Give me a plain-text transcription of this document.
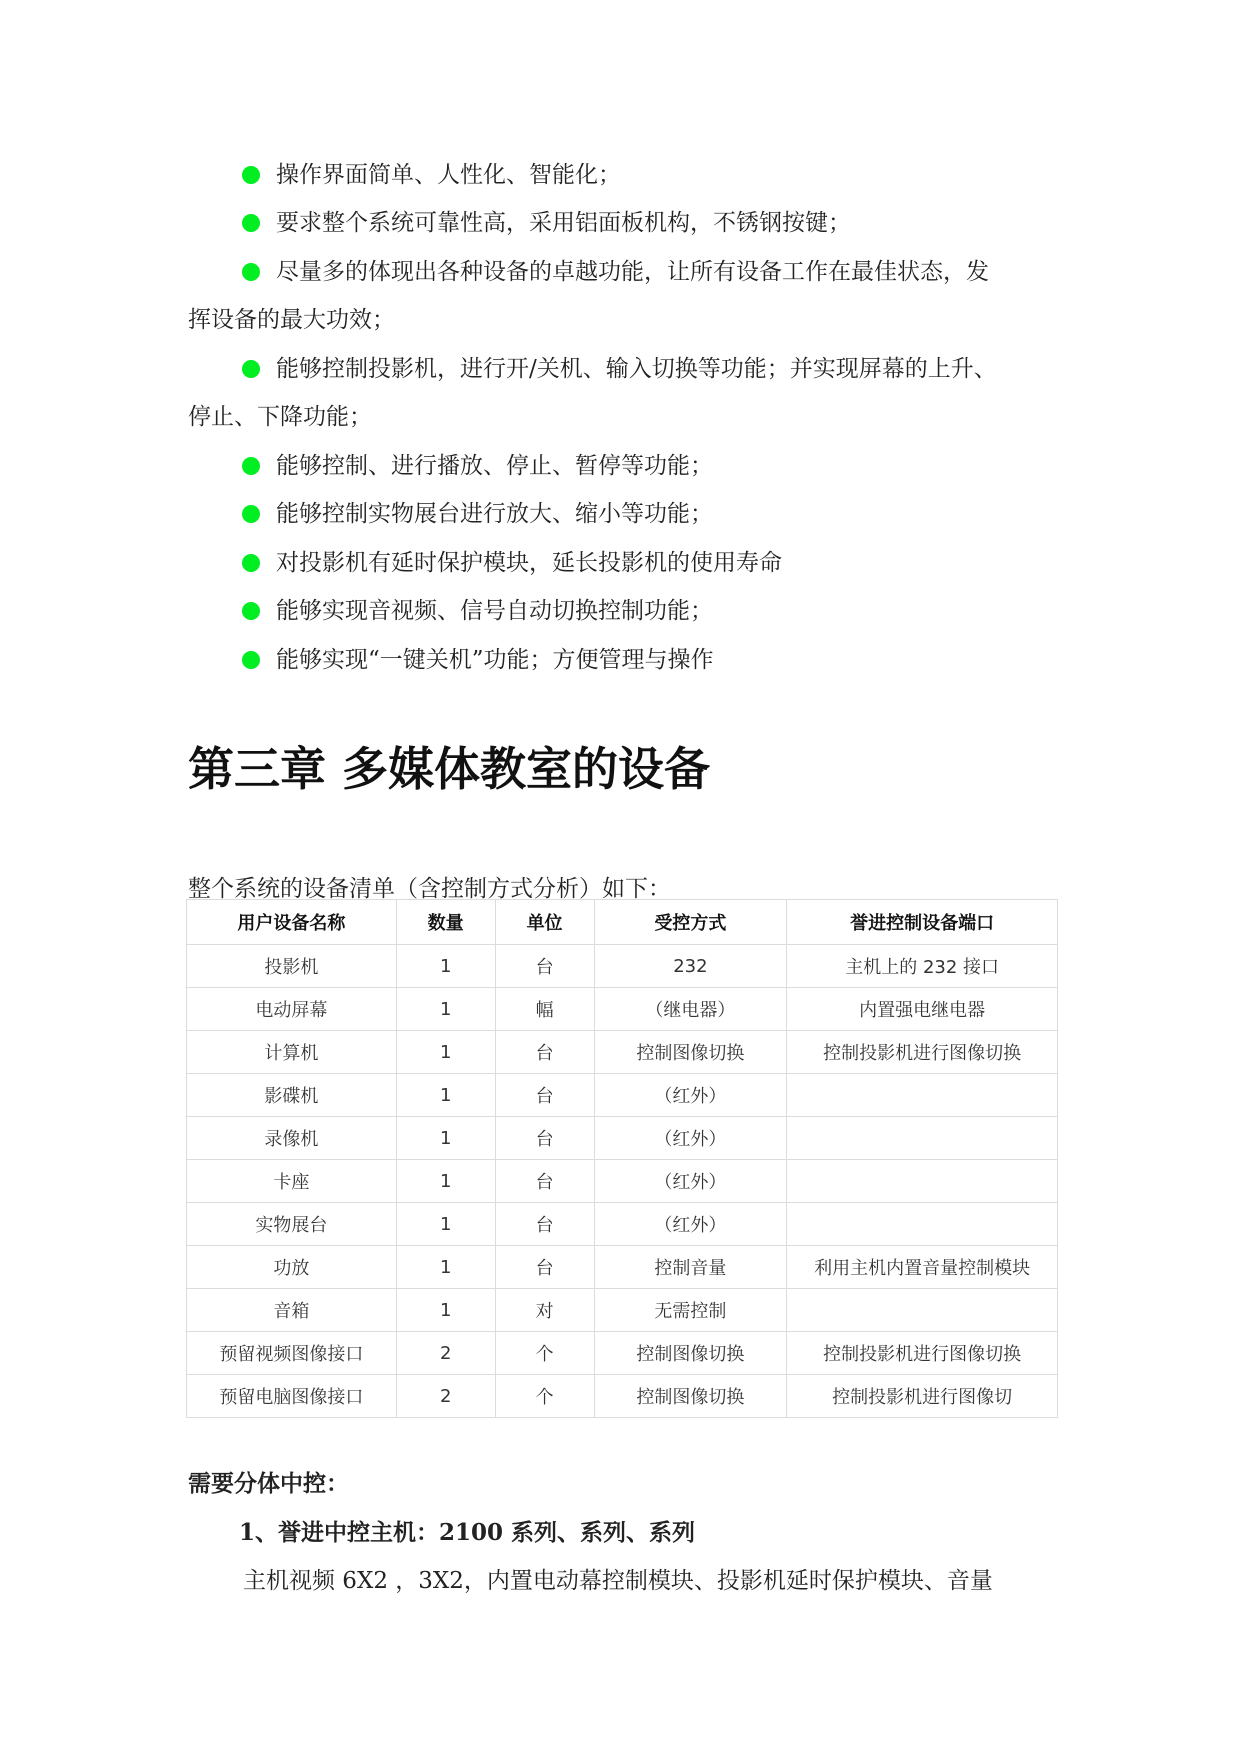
操作界面简单、人性化、智能化；
要求整个系统可靠性高，采用铝面板机构，不锈钢按键；
尽量多的体现出各种设备的卓越功能，让所有设备工作在最佳状态，发
挥设备的最大功效；
能够控制投影机，进行开/关机、输入切换等功能；并实现屏幕的上升、
停止、下降功能；
能够控制、进行播放、停止、暂停等功能；
能够控制实物展台进行放大、缩小等功能；
对投影机有延时保护模块，延长投影机的使用寿命
能够实现音视频、信号自动切换控制功能；
能够实现“一键关机”功能；方便管理与操作
第三章 多媒体教室的设备
整个系统的设备清单（含控制方式分析）如下：
用户设备名称	数量	单位	受控方式	誉进控制设备端口
投影机	1	台	232	主机上的 232 接口
电动屏幕	1	幅	（继电器）	内置强电继电器
计算机	1	台	控制图像切换	控制投影机进行图像切换
影碟机	1	台	（红外）	
录像机	1	台	（红外）	
卡座	1	台	（红外）	
实物展台	1	台	（红外）	
功放	1	台	控制音量	利用主机内置音量控制模块
音箱	1	对	无需控制	
预留视频图像接口	2	个	控制图像切换	控制投影机进行图像切换
预留电脑图像接口	2	个	控制图像切换	控制投影机进行图像切
需要分体中控：
1、誉进中控主机：2100 系列、系列、系列
主机视频 6X2 ，3X2，内置电动幕控制模块、投影机延时保护模块、音量
